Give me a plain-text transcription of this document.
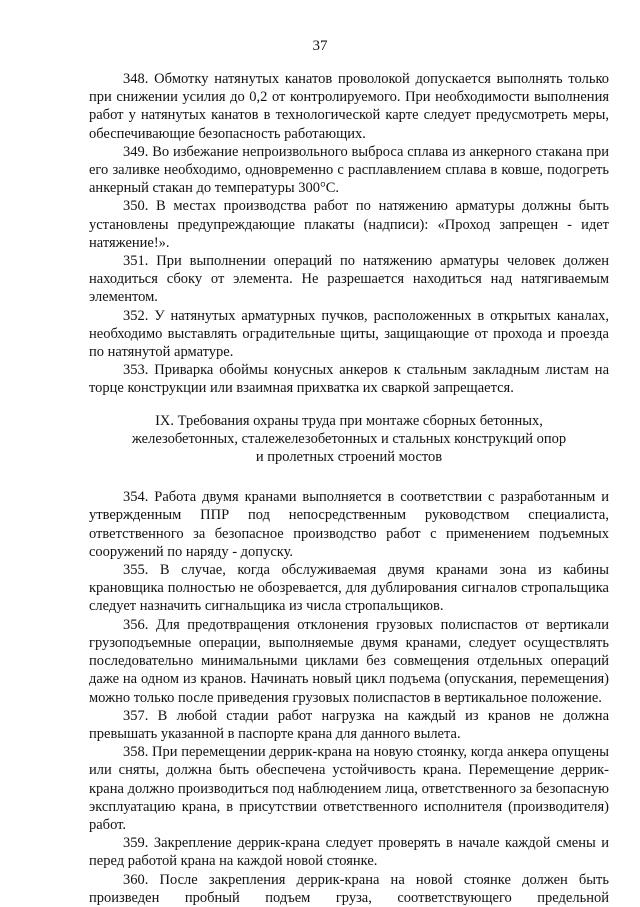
37

348. Обмотку натянутых канатов проволокой допускается выполнять только при снижении усилия до 0,2 от контролируемого. При необходимости выполнения работ у натянутых канатов в технологической карте следует предусмотреть меры, обеспечивающие безопасность работающих.

349. Во избежание непроизвольного выброса сплава из анкерного стакана при его заливке необходимо, одновременно с расплавлением сплава в ковше, подогреть анкерный стакан до температуры 300°C.

350. В местах производства работ по натяжению арматуры должны быть установлены предупреждающие плакаты (надписи): «Проход запрещен - идет натяжение!».

351. При выполнении операций по натяжению арматуры человек должен находиться сбоку от элемента. Не разрешается находиться над натягиваемым элементом.

352. У натянутых арматурных пучков, расположенных в открытых каналах, необходимо выставлять оградительные щиты, защищающие от прохода и проезда по натянутой арматуре.

353. Приварка обоймы конусных анкеров к стальным закладным листам на торце конструкции или взаимная прихватка их сваркой запрещается.

IX. Требования охраны труда при монтаже сборных бетонных,
железобетонных, сталежелезобетонных и стальных конструкций опор
и пролетных строений мостов

354. Работа двумя кранами выполняется в соответствии с разработанным и утвержденным ППР под непосредственным руководством специалиста, ответственного за безопасное производство работ с применением подъемных сооружений по наряду - допуску.

355. В случае, когда обслуживаемая двумя кранами зона из кабины крановщика полностью не обозревается, для дублирования сигналов стропальщика следует назначить сигнальщика из числа стропальщиков.

356. Для предотвращения отклонения грузовых полиспастов от вертикали грузоподъемные операции, выполняемые двумя кранами, следует осуществлять последовательно минимальными циклами без совмещения отдельных операций даже на одном из кранов. Начинать новый цикл подъема (опускания, перемещения) можно только после приведения грузовых полиспастов в вертикальное положение.

357. В любой стадии работ нагрузка на каждый из кранов не должна превышать указанной в паспорте крана для данного вылета.

358. При перемещении деррик-крана на новую стоянку, когда анкера опущены или сняты, должна быть обеспечена устойчивость крана. Перемещение деррик-крана должно производиться под наблюдением лица, ответственного за безопасную эксплуатацию крана, в присутствии ответственного исполнителя (производителя) работ.

359. Закрепление деррик-крана следует проверять в начале каждой смены и перед работой крана на каждой новой стоянке.

360. После закрепления деррик-крана на новой стоянке должен быть произведен пробный подъем груза, соответствующего предельной
